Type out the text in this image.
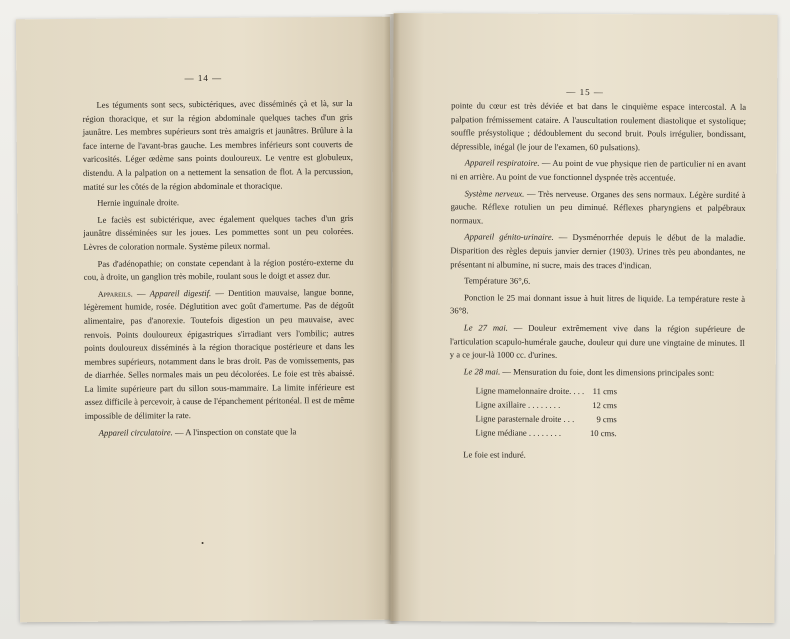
— 14 —

Les téguments sont secs, subictériques, avec disséminés çà et là, sur la région thoracique, et sur la région abdominale quelques taches d'un gris jaunâtre. Les membres supérieurs sont très amaigris et jaunâtres. Brûlure à la face interne de l'avant-bras gauche. Les membres inférieurs sont couverts de varicosités. Léger œdème sans points douloureux. Le ventre est globuleux, distendu. A la palpation on a nettement la sensation de flot. A la percussion, matité sur les côtés de la région abdominale et thoracique.

Hernie inguinale droite.

Le faciès est subictérique, avec également quelques taches d'un gris jaunâtre disséminées sur les joues. Les pommettes sont un peu colorées. Lèvres de coloration normale. Système pileux normal.

Pas d'adénopathie; on constate cependant à la région postéro-externe du cou, à droite, un ganglion très mobile, roulant sous le doigt et assez dur.

Appareils. — Appareil digestif. — Dentition mauvaise, langue bonne, légèrement humide, rosée. Déglutition avec goût d'amertume. Pas de dégoût alimentaire, pas d'anorexie. Toutefois digestion un peu mauvaise, avec renvois. Points douloureux épigastriques s'irradiant vers l'ombilic; autres points douloureux disséminés à la région thoracique postérieure et dans les membres supérieurs, notamment dans le bras droit. Pas de vomissements, pas de diarrhée. Selles normales mais un peu décolorées. Le foie est très abaissé. La limite supérieure part du sillon sous-mammaire. La limite inférieure est assez difficile à percevoir, à cause de l'épanchement péritonéal. Il est de même impossible de délimiter la rate.

Appareil circulatoire. — A l'inspection on constate que la

— 15 —

pointe du cœur est très déviée et bat dans le cinquième espace intercostal. A la palpation frémissement cataire. A l'auscultation roulement diastolique et systolique; souffle présystolique ; dédoublement du second bruit. Pouls irrégulier, bondissant, dépressible, inégal (le jour de l'examen, 60 pulsations).

Appareil respiratoire. — Au point de vue physique rien de particulier ni en avant ni en arrière. Au point de vue fonctionnel dyspnée très accentuée.

Système nerveux. — Très nerveuse. Organes des sens normaux. Légère surdité à gauche. Réflexe rotulien un peu diminué. Réflexes pharyngiens et palpébraux normaux.

Appareil génito-urinaire. — Dysménorrhée depuis le début de la maladie. Disparition des règles depuis janvier dernier (1903). Urines très peu abondantes, ne présentant ni albumine, ni sucre, mais des traces d'indican.

Température 36°,6.

Ponction le 25 mai donnant issue à huit litres de liquide. La température reste à 36°8.

Le 27 mai. — Douleur extrêmement vive dans la région supérieure de l'articulation scapulo-humérale gauche, douleur qui dure une vingtaine de minutes. Il y a ce jour-là 1000 cc. d'urines.

Le 28 mai. — Mensuration du foie, dont les dimensions principales sont:

Ligne mamelonnaire droite. . . .	11 cms
Ligne axillaire . . . . . . . .	12 cms
Ligne parasternale droite . . .	9 cms
Ligne médiane . . . . . . . .	10 cms.

Le foie est induré.
